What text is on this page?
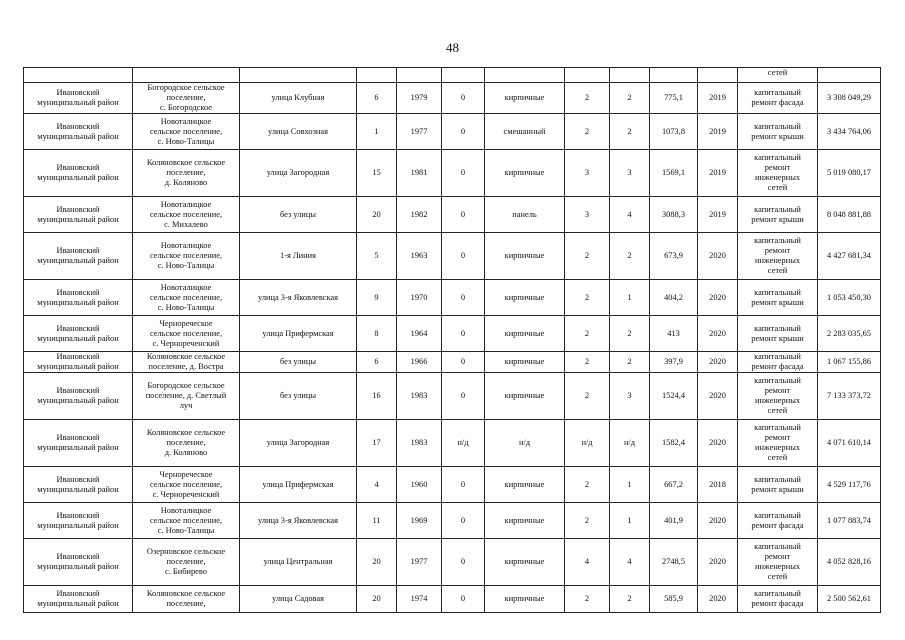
48
											сетей	
Ивановский
муниципальный район	Богородское сельское
поселение,
с. Богородское	улица Клубная	6	1979	0	кирпичные	2	2	775,1	2019	капитальный
ремонт фасада	3 308 049,29
Ивановский
муниципальный район	Новоталицкое
сельское поселение,
с. Ново-Талицы	улица Совхозная	1	1977	0	смешанный	2	2	1073,8	2019	капитальный
ремонт крыши	3 434 764,06
Ивановский
муниципальный район	Коляновское сельское
поселение,
д. Коляново	улица Загородная	15	1981	0	кирпичные	3	3	1569,1	2019	капитальный
ремонт
инженерных
сетей	5 019 080,17
Ивановский
муниципальный район	Новоталицкое
сельское поселение,
с. Михалево	без улицы	20	1982	0	панель	3	4	3088,3	2019	капитальный
ремонт крыши	8 048 881,88
Ивановский
муниципальный район	Новоталицкое
сельское поселение,
с. Ново-Талицы	1-я Линия	5	1963	0	кирпичные	2	2	673,9	2020	капитальный
ремонт
инженерных
сетей	4 427 681,34
Ивановский
муниципальный район	Новоталицкое
сельское поселение,
с. Ново-Талицы	улица 3-я Яковлевская	9	1970	0	кирпичные	2	1	404,2	2020	капитальный
ремонт крыши	1 053 450,30
Ивановский
муниципальный район	Черноречеcкое
сельское поселение,
с. Чернореченский	улица Прифермская	8	1964	0	кирпичные	2	2	413	2020	капитальный
ремонт крыши	2 283 035,65
Ивановский
муниципальный район	Коляновское сельское
поселение, д. Востра	без улицы	6	1966	0	кирпичные	2	2	397,9	2020	капитальный
ремонт фасада	1 067 155,86
Ивановский
муниципальный район	Богородское сельское
поселение, д. Светлый
луч	без улицы	16	1983	0	кирпичные	2	3	1524,4	2020	капитальный
ремонт
инженерных
сетей	7 133 373,72
Ивановский
муниципальный район	Коляновское сельское
поселение,
д. Коляново	улица Загородная	17	1983	н/д	н/д	н/д	н/д	1582,4	2020	капитальный
ремонт
инженерных
сетей	4 071 610,14
Ивановский
муниципальный район	Черноречеcкое
сельское поселение,
с. Чернореченский	улица Прифермская	4	1960	0	кирпичные	2	1	667,2	2018	капитальный
ремонт крыши	4 529 117,76
Ивановский
муниципальный район	Новоталицкое
сельское поселение,
с. Ново-Талицы	улица 3-я Яковлевская	11	1969	0	кирпичные	2	1	401,9	2020	капитальный
ремонт фасада	1 077 883,74
Ивановский
муниципальный район	Озерновское сельское
поселение,
с. Бибирево	улица Центральная	20	1977	0	кирпичные	4	4	2748,5	2020	капитальный
ремонт
инженерных
сетей	4 052 828,16
Ивановский
муниципальный район	Коляновское сельское
поселение,	улица Садовая	20	1974	0	кирпичные	2	2	585,9	2020	капитальный
ремонт фасада	2 500 562,61
